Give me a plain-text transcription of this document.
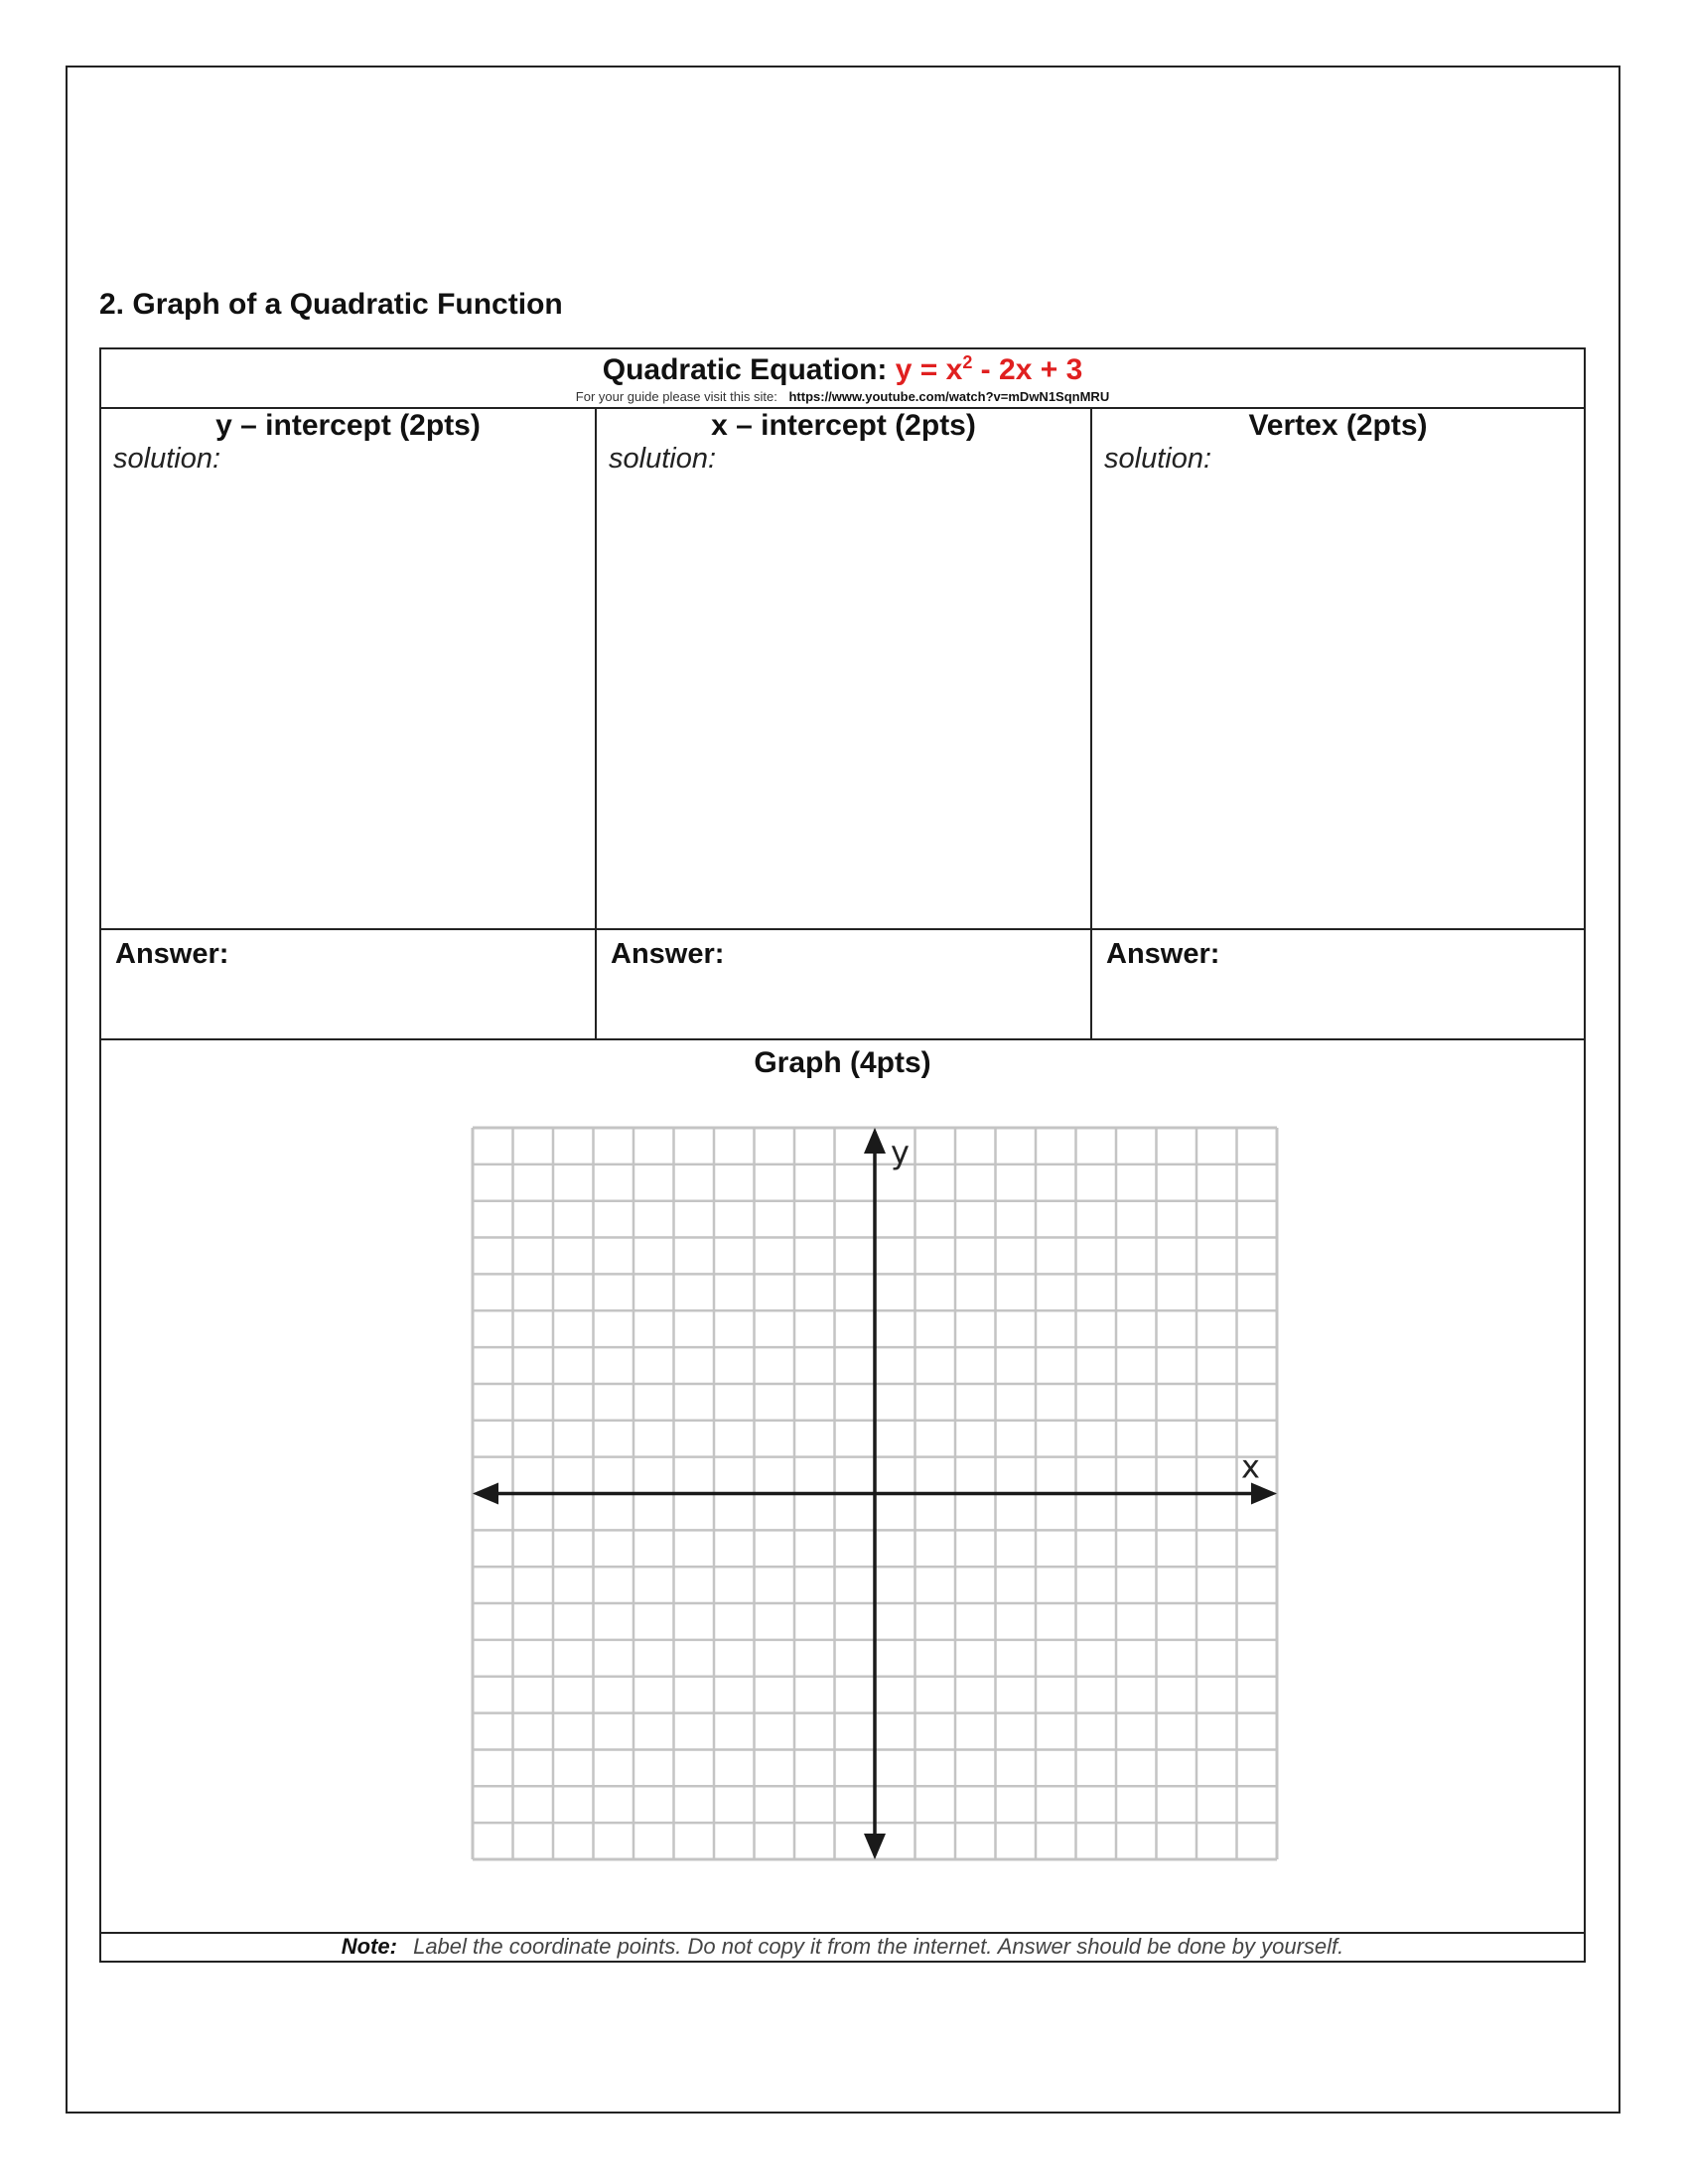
2. Graph of a Quadratic Function
Quadratic Equation: $y = x^2 - 2x + 3$
For your guide please visit this site: https://www.youtube.com/watch?v=mDwN1SqnMRU
y – intercept (2pts)
solution:
x – intercept (2pts)
solution:
Vertex (2pts)
solution:
Answer:	Answer:	Answer:
Graph (4pts)
y
x
Note: Label the coordinate points. Do not copy it from the internet. Answer should be done by yourself.
